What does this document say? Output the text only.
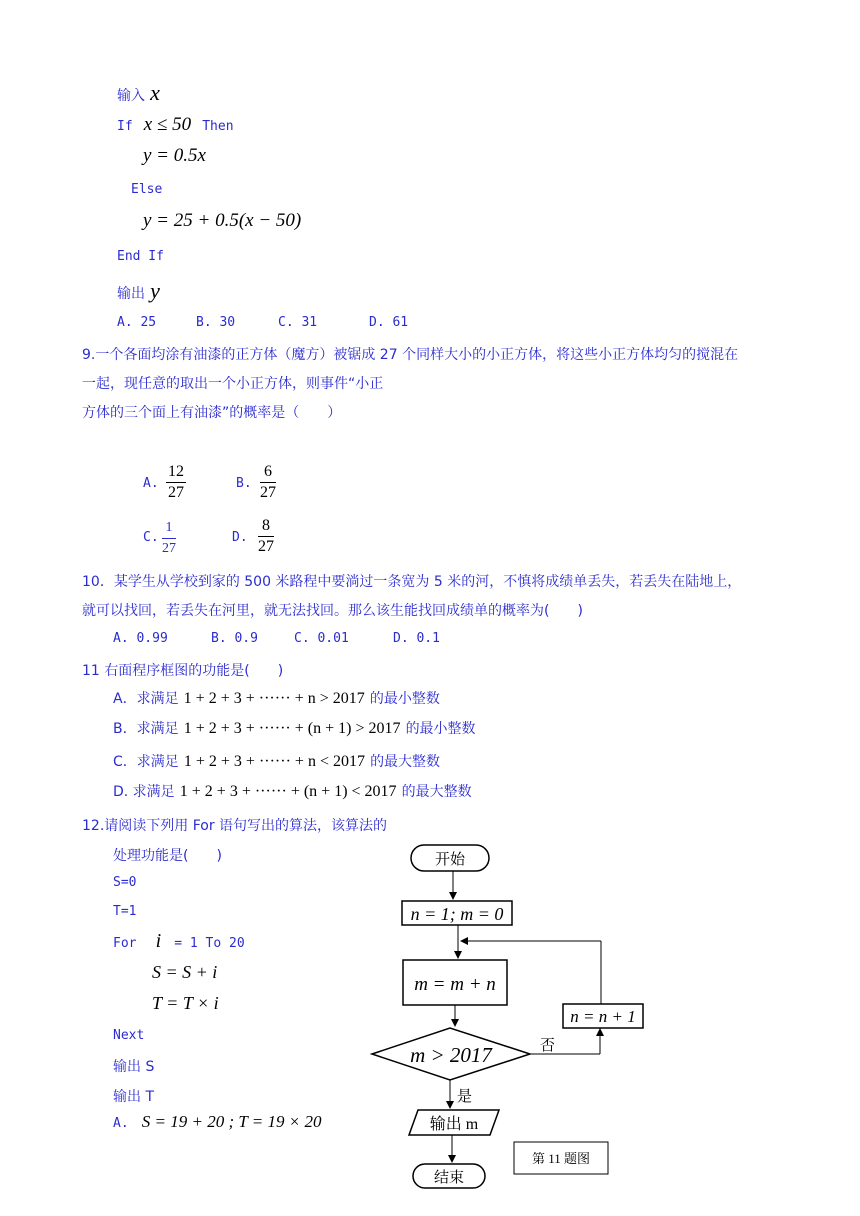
输入 x
If x ≤ 50 Then
y = 0.5x
Else
y = 25 + 0.5(x − 50)
End If
输出 y
A. 25	B. 30	C. 31	D. 61
9.一个各面均涂有油漆的正方体（魔方）被锯成 27 个同样大小的小正方体，将这些小正方体均匀的搅混在
一起，现任意的取出一个小正方体，则事件“小正
方体的三个面上有油漆”的概率是（　　）
A. $\frac{12}{27}$	B. $\frac{6}{27}$
C. $\frac{1}{27}$	D. $\frac{8}{27}$
10．某学生从学校到家的 500 米路程中要淌过一条宽为 5 米的河，不慎将成绩单丢失，若丢失在陆地上，
就可以找回，若丢失在河里，就无法找回。那么该生能找回成绩单的概率为(　　)
A. 0.99	B. 0.9	C. 0.01	D. 0.1
11 右面程序框图的功能是(　　)
A．求满足 1 + 2 + 3 + ······ + n > 2017 的最小整数
B．求满足 1 + 2 + 3 + ······ + (n + 1) > 2017 的最小整数
C．求满足 1 + 2 + 3 + ······ + n < 2017 的最大整数
D. 求满足 1 + 2 + 3 + ······ + (n + 1) < 2017 的最大整数
12.请阅读下列用 For 语句写出的算法，该算法的
处理功能是(　　)
S=0
T=1
For i = 1 To 20
S = S + i
T = T × i
Next
输出 S
输出 T
A. S = 19 + 20 ; T = 19 × 20
开始
n = 1; m = 0
m = m + n
m > 2017	否
n = n + 1
是
输出 m
结束
第 11 题图
